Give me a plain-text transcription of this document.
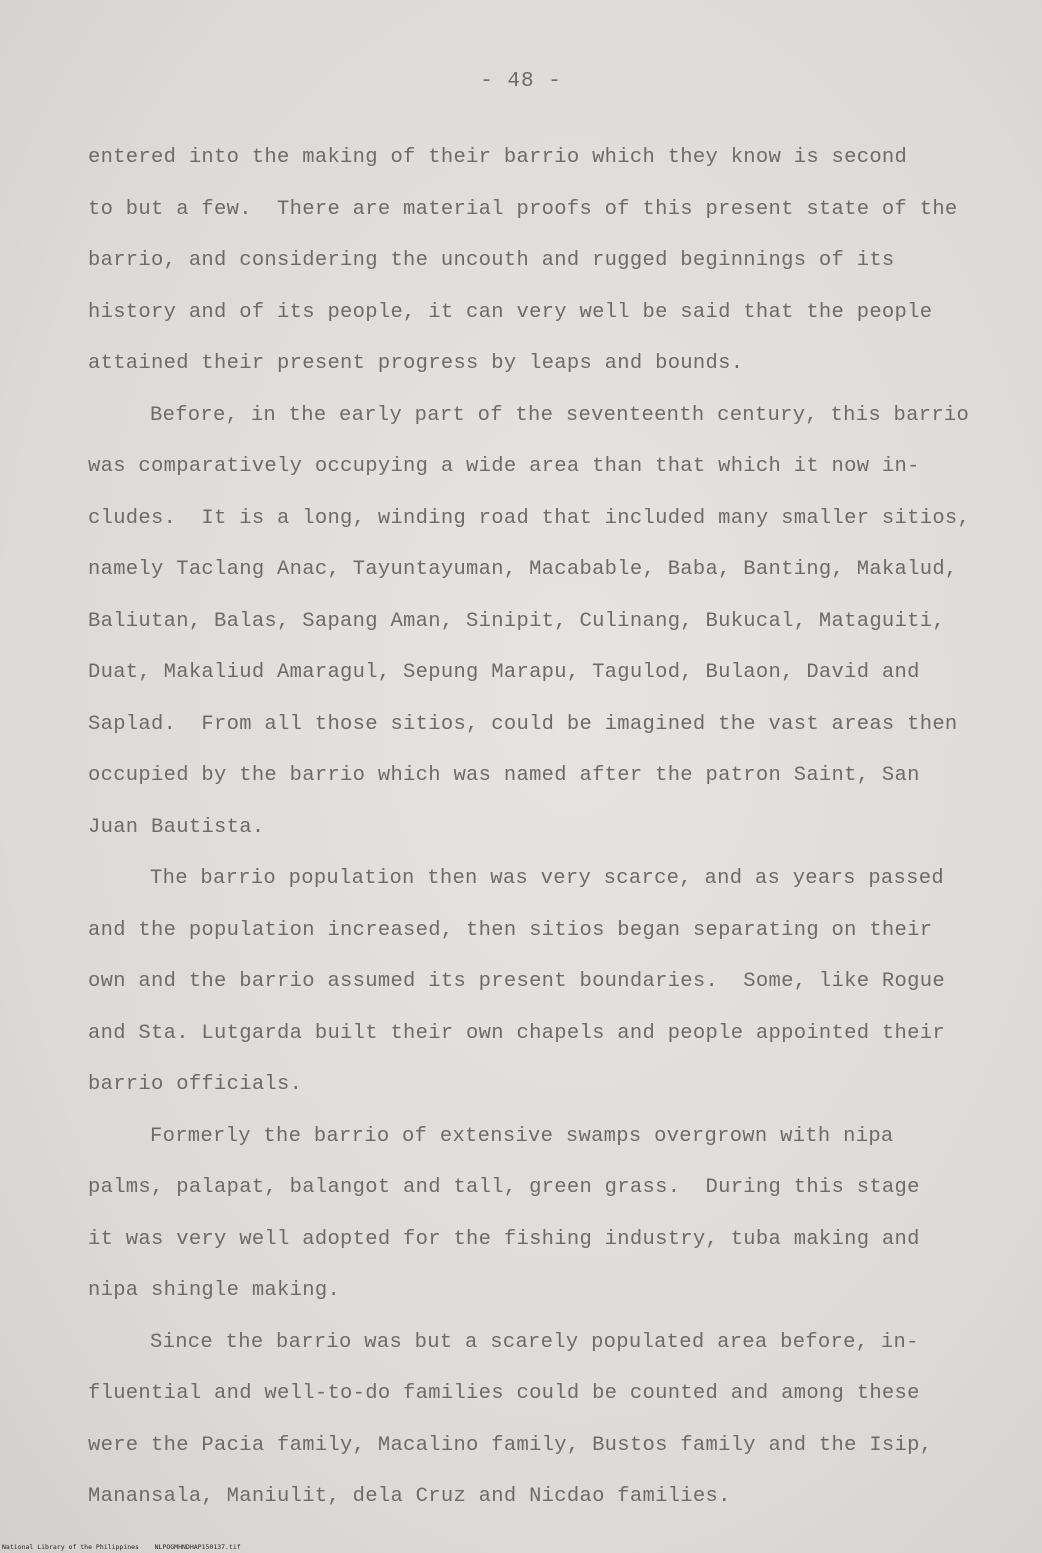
- 48 -
entered into the making of their barrio which they know is second
to but a few.  There are material proofs of this present state of the
barrio, and considering the uncouth and rugged beginnings of its
history and of its people, it can very well be said that the people
attained their present progress by leaps and bounds.
Before, in the early part of the seventeenth century, this barrio
was comparatively occupying a wide area than that which it now in-
cludes.  It is a long, winding road that included many smaller sitios,
namely Taclang Anac, Tayuntayuman, Macabable, Baba, Banting, Makalud,
Baliutan, Balas, Sapang Aman, Sinipit, Culinang, Bukucal, Mataguiti,
Duat, Makaliud Amaragul, Sepung Marapu, Tagulod, Bulaon, David and
Saplad.  From all those sitios, could be imagined the vast areas then
occupied by the barrio which was named after the patron Saint, San
Juan Bautista.
The barrio population then was very scarce, and as years passed
and the population increased, then sitios began separating on their
own and the barrio assumed its present boundaries.  Some, like Rogue
and Sta. Lutgarda built their own chapels and people appointed their
barrio officials.
Formerly the barrio of extensive swamps overgrown with nipa
palms, palapat, balangot and tall, green grass.  During this stage
it was very well adopted for the fishing industry, tuba making and
nipa shingle making.
Since the barrio was but a scarely populated area before, in-
fluential and well-to-do families could be counted and among these
were the Pacia family, Macalino family, Bustos family and the Isip,
Manansala, Maniulit, dela Cruz and Nicdao families.
National Library of the Philippines    NLPOGMHNDHAP150137.tif
